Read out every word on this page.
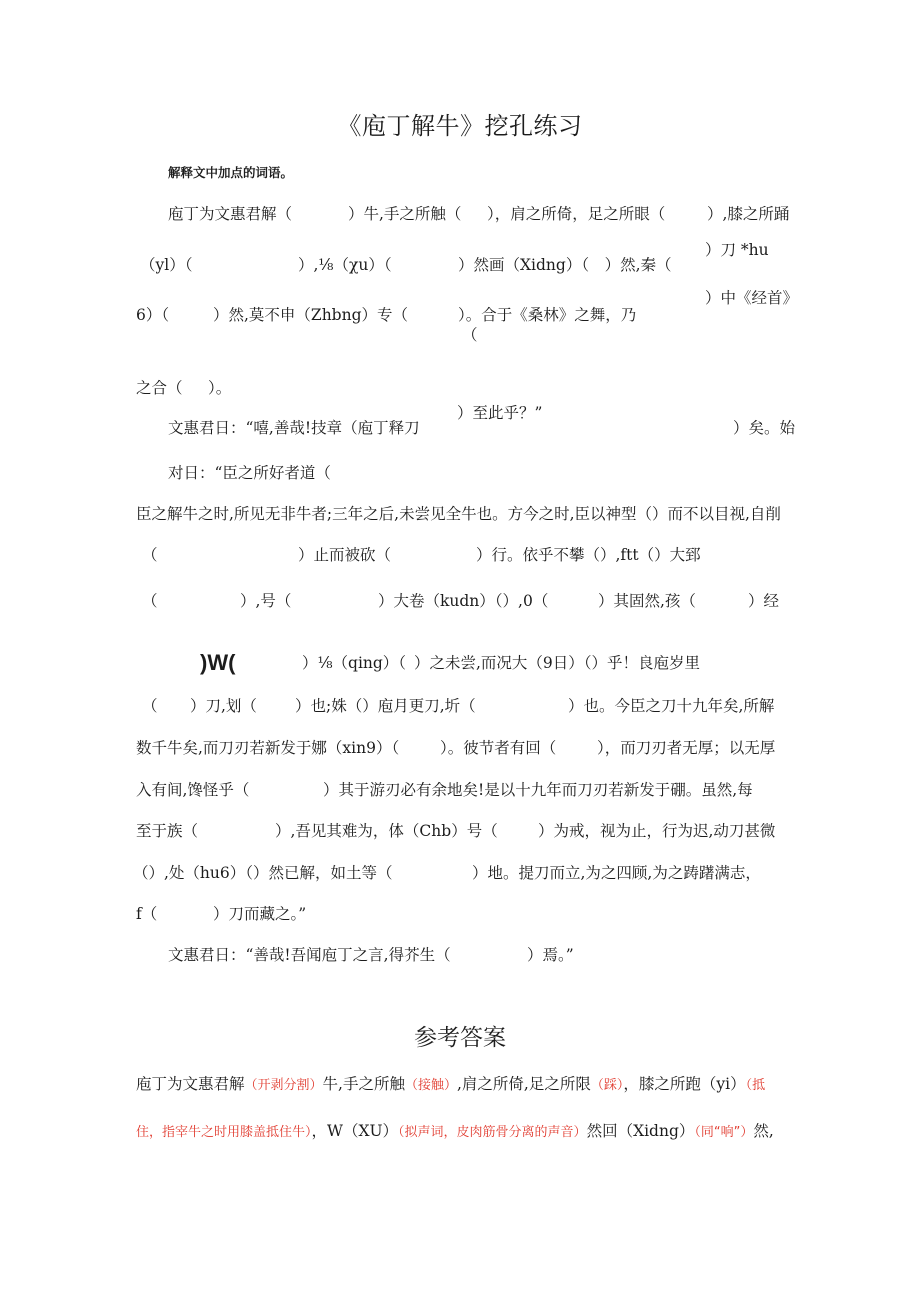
《庖丁解牛》挖孔练习
解释文中加点的词语。
庖丁为文惠君解（	）牛,手之所触（ ），肩之所倚，足之所眼（	）,膝之所踊
）刀 *hu
（yl）（	）,⅛（χu）（	）然画（Xidng）（　）然,秦（
）中《经首》
6）（	）然,莫不申（Zhbng）专（	）。合于《桑林》之舞，乃
（
之合（ ）。
）至此乎？”
文惠君日：“嘻,善哉!技章（庖丁释刀	）矣。始
对日：“臣之所好者道（
臣之解牛之时,所见无非牛者;三年之后,未尝见全牛也。方今之时,臣以神型（）而不以目视,自削
（	）止而被砍（	）行。依乎不攀（）,ftt（）大郅
（	）,号（	）大卷（kudn）（）,0（	）其固然,孩（	）经
)W(	）⅛（qing）（ ）之未尝,而况大（9日）（）乎！良庖岁里
（ ）刀,划（ ）也;姝（）庖月更刀,圻（	）也。今臣之刀十九年矣,所解
数千牛矣,而刀刃若新发于娜（xin9）（	）。彼节者有回（	），而刀刃者无厚；以无厚
入有间,馋怪乎（	）其于游刃必有余地矣!是以十九年而刀刃若新发于硼。虽然,每
至于族（	）,吾见其难为，体（Chb）号（	）为戒，视为止，行为迟,动刀甚微
（）,处（hu6）（）然已解，如土等（	）地。提刀而立,为之四顾,为之踌躇满志，
f（	）刀而藏之。”
文惠君日：“善哉!吾闻庖丁之言,得芥生（	）焉。”
参考答案
庖丁为文惠君解（开剥分割）牛,手之所触（接触）,肩之所倚,足之所限（踩），膝之所跑（yi）（抵
住，指宰牛之时用膝盖抵住牛），W（XU）（拟声词，皮肉筋骨分离的声音）然回（Xidng）（同“响”）然,
